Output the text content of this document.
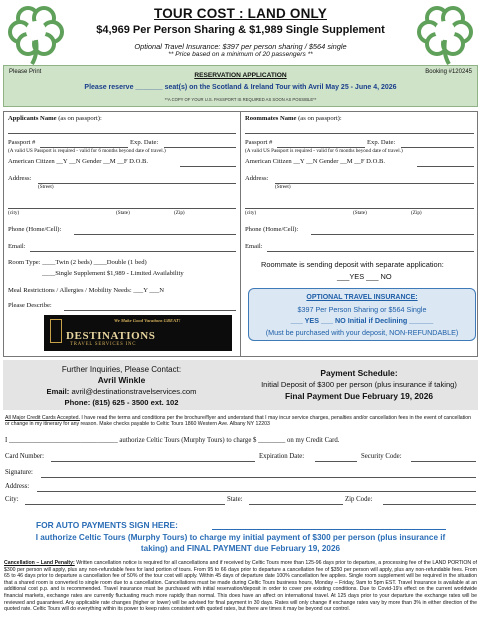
TOUR COST : LAND ONLY
$4,969 Per Person Sharing & $1,989 Single Supplement
Optional Travel Insurance: $397 per person sharing / $564 single
** Price based on a minimum of 20 passengers **
Please Print	Booking #120245
RESERVATION APPLICATION
Please reserve _______ seat(s) on the Scotland & Ireland Tour with Avril May 25 - June 4, 2026
**A COPY OF YOUR U.S. PASSPORT IS REQUIRED AS SOON AS POSSIBLE**
Applicants Name (as on passport):
Passport #	Exp. Date:
(A valid US Passport is required - valid for 6 months beyond date of travel.)
American Citizen __Y __N Gender __M __F D.O.B.
Address:
(Street)
(city)	(State)	(Zip)
Phone (Home/Cell):
Email:
Room Type: ____Twin (2 beds) ____Double (1 bed)
____Single Supplement $1,989 - Limited Availability
Meal Restrictions / Allergies / Mobility Needs: ___Y ___N
Please Describe:
We Make Good Vacations GREAT!
DESTINATIONS
TRAVEL SERVICES INC
Roommates Name (as on passport):
Passport #	Exp. Date:
(A valid US Passport is required - valid for 6 months beyond date of travel.)
American Citizen __Y __N Gender __M __F D.O.B.
Address:
(Street)
(city)	(State)	(Zip)
Phone (Home/Cell):
Email:
Roommate is sending deposit with separate application:
___YES ___ NO
OPTIONAL TRAVEL INSURANCE:
$397 Per Person Sharing or $564 Single
___ YES ___ NO Initial if Declining ______
(Must be purchased with your deposit, NON-REFUNDABLE)
Further Inquiries, Please Contact:
Avril Winkle
Email: avril@destinationstravelservices.com
Phone: (815) 625 - 3500 ext. 102
Payment Schedule:
Initial Deposit of $300 per person (plus insurance if taking)
Final Payment Due February 19, 2026
All Major Credit Cards Accepted. I have read the terms and conditions per the brochure/flyer and understand that I may incur service charges, penalties and/or cancellation fees in the event of cancellation or change in my itinerary for any reason. Make checks payable to Celtic Tours 1860 Western Ave. Albany NY 12203
I ________________________________ authorize Celtic Tours (Murphy Tours) to charge $ ________ on my Credit Card.
Card Number:	Expiration Date:	Security Code:
Signature:
Address:
City:	State:	Zip Code:
FOR AUTO PAYMENTS SIGN HERE:
I authorize Celtic Tours (Murphy Tours) to charge my initial payment of $300 per person (plus insurance if
taking) and FINAL PAYMENT due February 19, 2026
Cancellation – Land Penalty: Written cancellation notice is required for all cancellations and if received by Celtic Tours more than 125-96 days prior to departure, a processing fee of the LAND PORTION of $300 per person will apply, plus any non-refundable fees for land portion of tours. From 95 to 66 days prior to departure a cancellation fee of $350 per person will apply, plus any non-refundable fees. From 65 to 46 days prior to departure a cancellation fee of 50% of the tour cost will apply. Within 45 days of departure date 100% cancellation fee applies. Single room supplement will be required in the situation that a shared room is converted to single room due to a cancellation. Cancellations must be made during Celtic Tours business hours, Monday – Friday, 9am to 5pm EST. Travel Insurance is available at an additional cost p.p. and is recommended. Travel insurance must be purchased with initial reservation/deposit in order to cover pre existing conditions. Due to Covid-19's effect on the current worldwide financial markets, exchange rates are currently fluctuating much more rapidly than normal. This does have an affect on international travel. At 125 days prior to your departure the exchange rates will be reviewed and guaranteed. Any applicable rate changes (higher or lower) will be advised for final payment in 30 days. Rates will only change if exchange rates vary by more than 3% in either direction of the quoted rate. Celtic Tours will do everything within its power to keep rates consistent with quoted rates, but there are times it may be beyond our control.
